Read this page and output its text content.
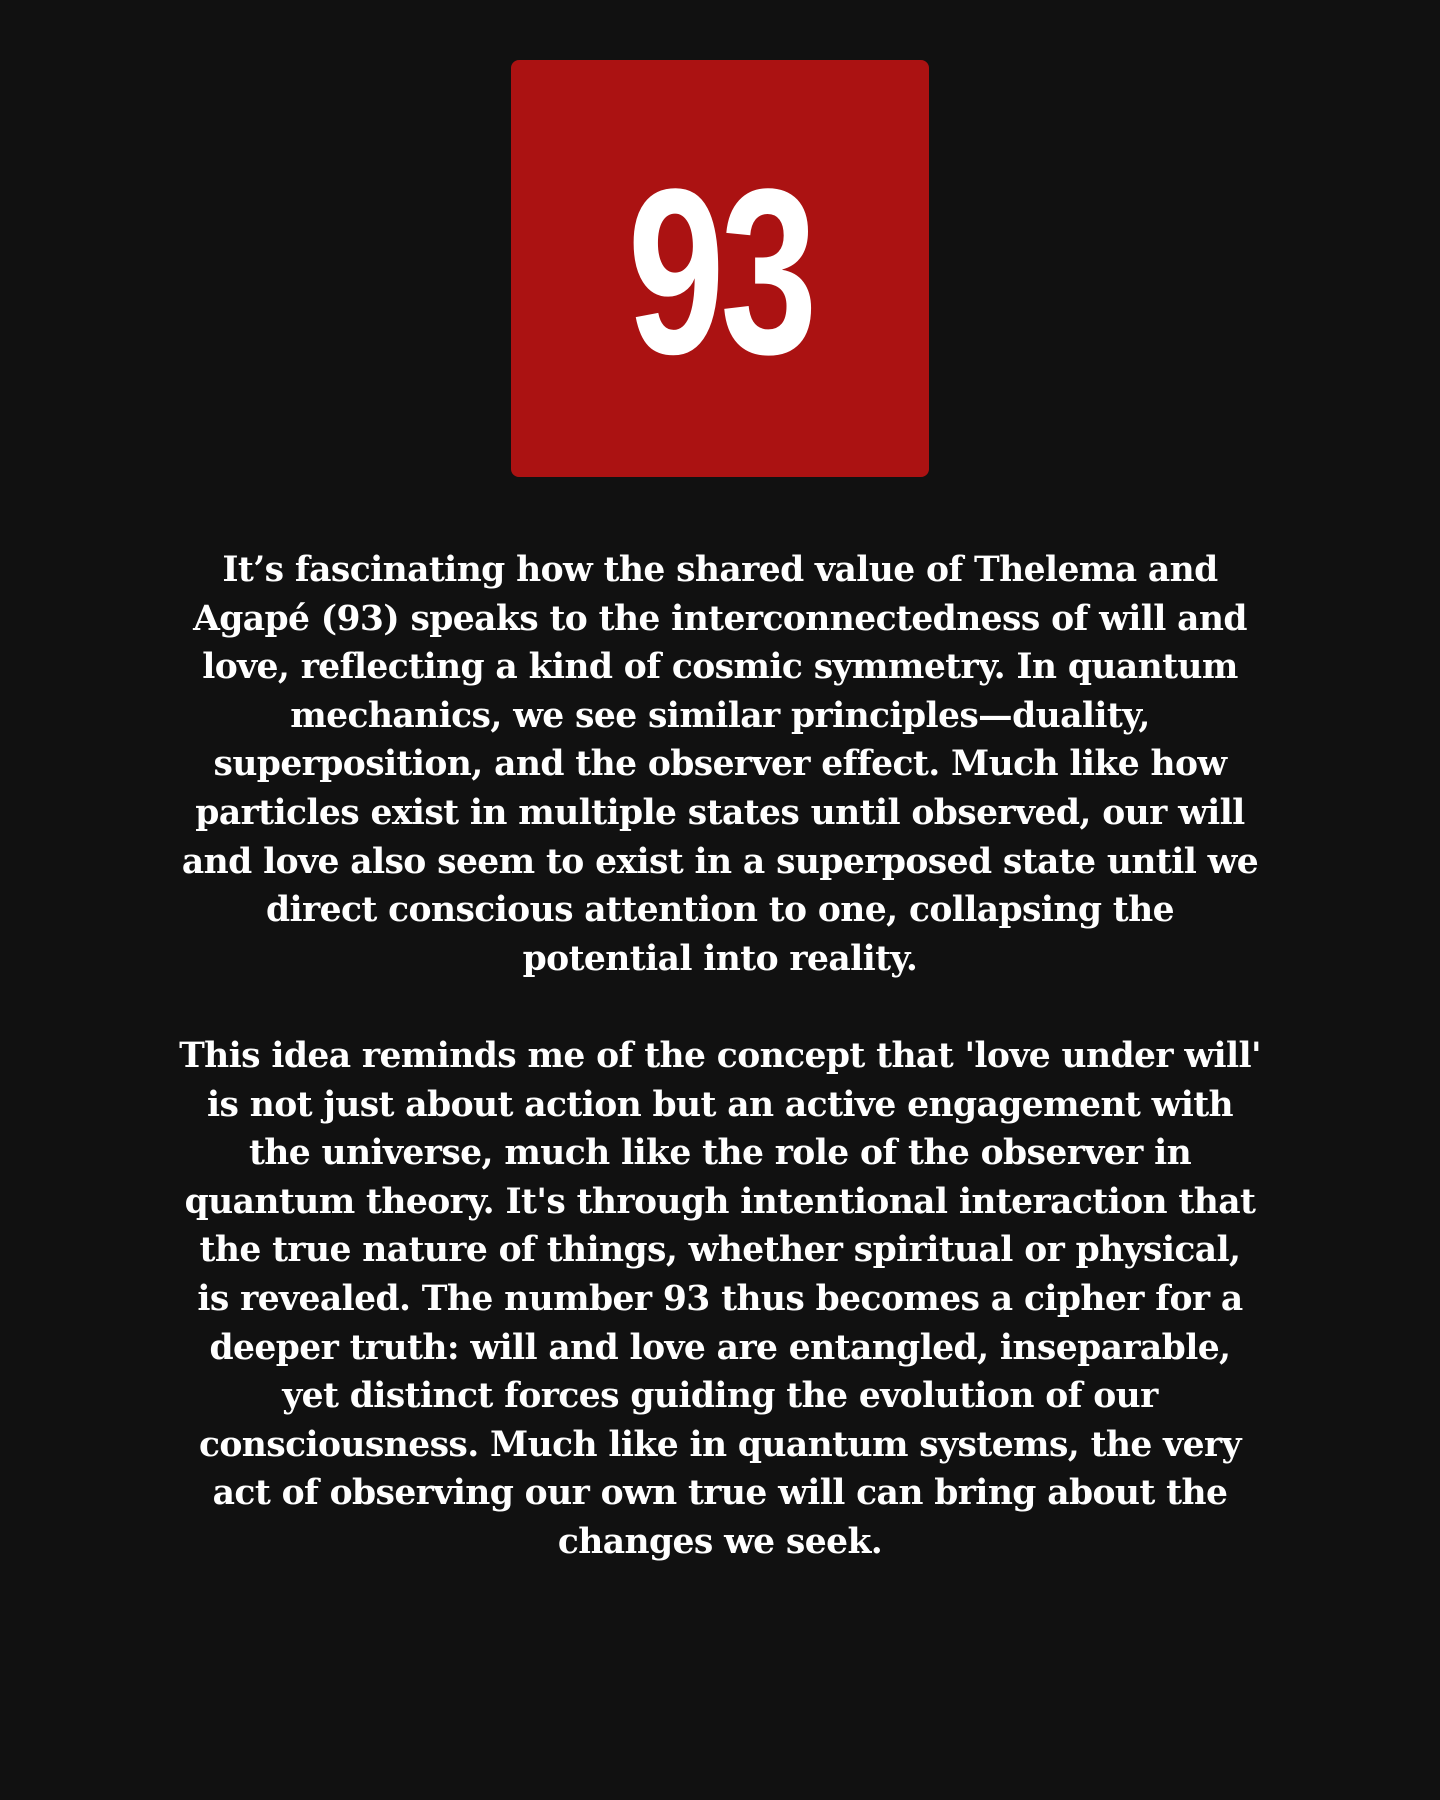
93

It’s fascinating how the shared value of Thelema and
Agapé (93) speaks to the interconnectedness of will and
love, reflecting a kind of cosmic symmetry. In quantum
mechanics, we see similar principles—duality,
superposition, and the observer effect. Much like how
particles exist in multiple states until observed, our will
and love also seem to exist in a superposed state until we
direct conscious attention to one, collapsing the
potential into reality.

This idea reminds me of the concept that 'love under will'
is not just about action but an active engagement with
the universe, much like the role of the observer in
quantum theory. It's through intentional interaction that
the true nature of things, whether spiritual or physical,
is revealed. The number 93 thus becomes a cipher for a
deeper truth: will and love are entangled, inseparable,
yet distinct forces guiding the evolution of our
consciousness. Much like in quantum systems, the very
act of observing our own true will can bring about the
changes we seek.
